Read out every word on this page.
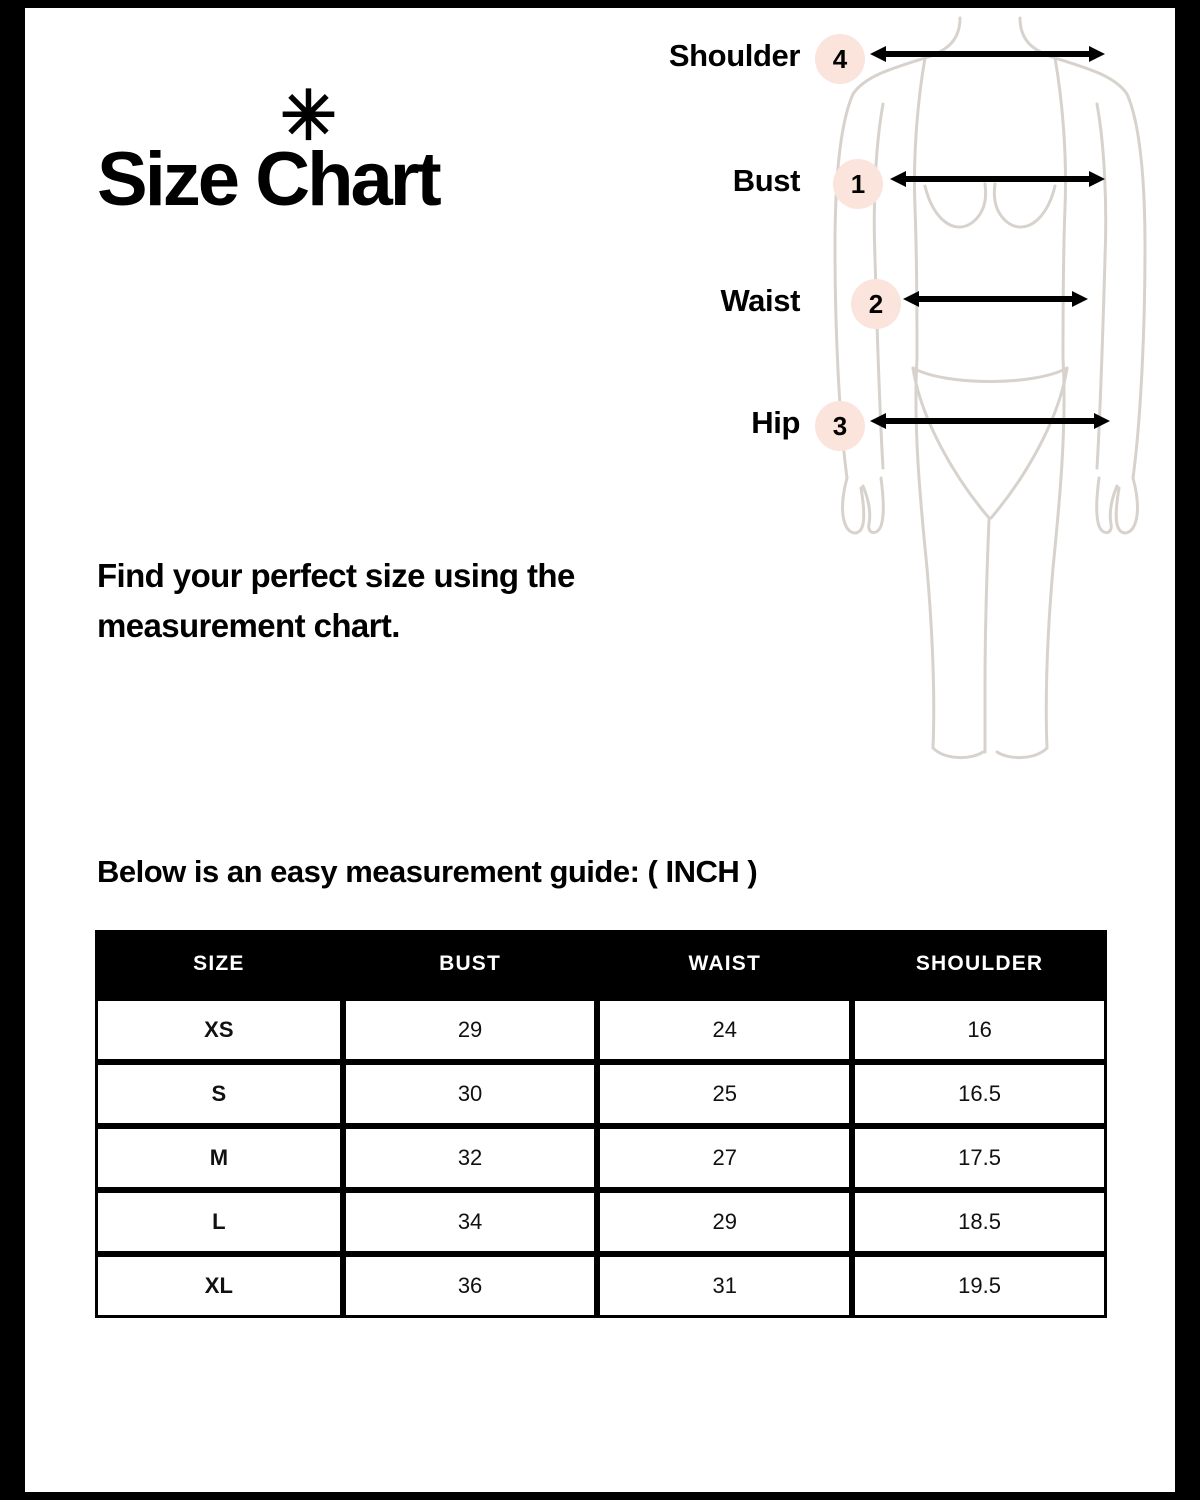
✳
Size Chart
Find your perfect size using the measurement chart.
Below is an easy measurement guide: ( INCH )
Shoulder	4
Bust	1
Waist	2
Hip	3
SIZE	BUST	WAIST	SHOULDER
XS	29	24	16
S	30	25	16.5
M	32	27	17.5
L	34	29	18.5
XL	36	31	19.5
